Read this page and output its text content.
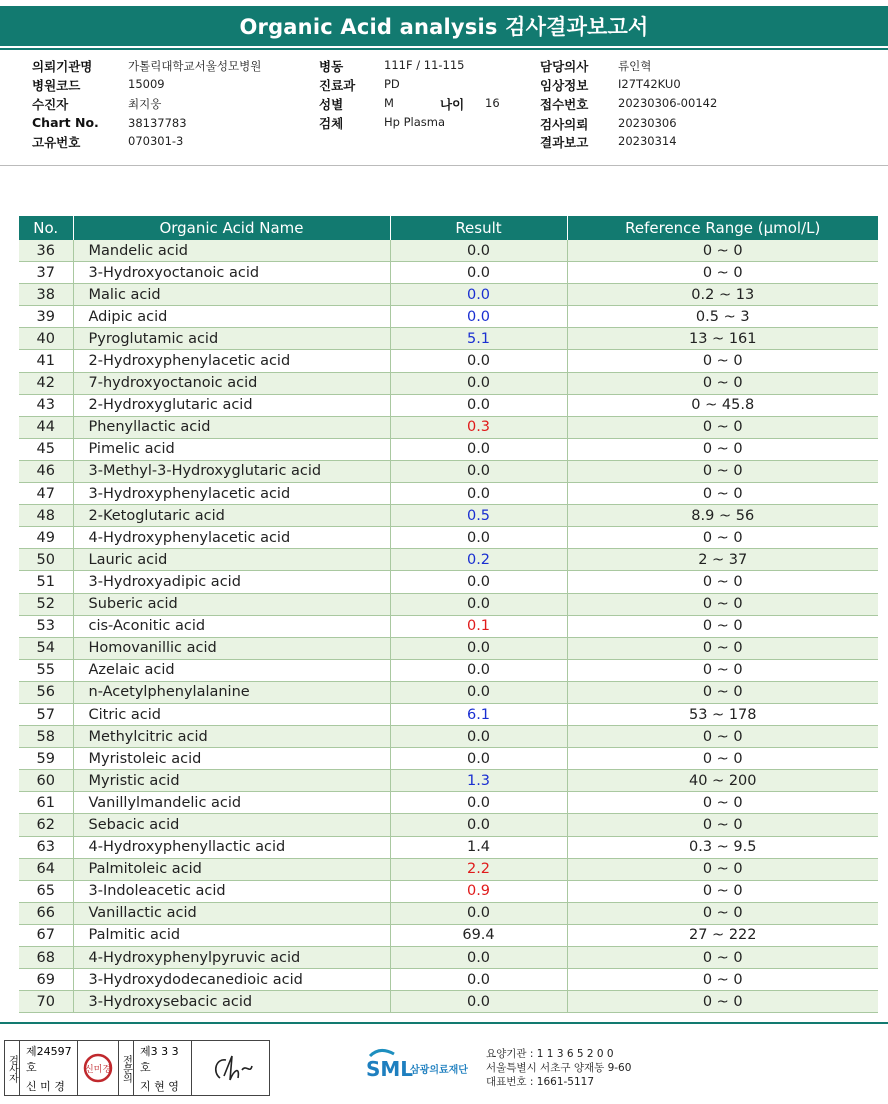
Organic Acid analysis 검사결과보고서
의뢰기관명	가톨릭대학교서울성모병원
병원코드	15009
수진자	최지웅
Chart No.	38137783
고유번호	070301-3
병동	111F / 11-115
진료과	PD
성별	M	나이 16
검체	Hp Plasma
담당의사	류인혁
임상정보	I27T42KU0
접수번호	20230306-00142
검사의뢰	20230306
결과보고	20230314
No.	Organic Acid Name	Result	Reference Range (μmol/L)
36	Mandelic acid	0.0	0 ~ 0
37	3-Hydroxyoctanoic acid	0.0	0 ~ 0
38	Malic acid	0.0	0.2 ~ 13
39	Adipic acid	0.0	0.5 ~ 3
40	Pyroglutamic acid	5.1	13 ~ 161
41	2-Hydroxyphenylacetic acid	0.0	0 ~ 0
42	7-hydroxyoctanoic acid	0.0	0 ~ 0
43	2-Hydroxyglutaric acid	0.0	0 ~ 45.8
44	Phenyllactic acid	0.3	0 ~ 0
45	Pimelic acid	0.0	0 ~ 0
46	3-Methyl-3-Hydroxyglutaric acid	0.0	0 ~ 0
47	3-Hydroxyphenylacetic acid	0.0	0 ~ 0
48	2-Ketoglutaric acid	0.5	8.9 ~ 56
49	4-Hydroxyphenylacetic acid	0.0	0 ~ 0
50	Lauric acid	0.2	2 ~ 37
51	3-Hydroxyadipic acid	0.0	0 ~ 0
52	Suberic acid	0.0	0 ~ 0
53	cis-Aconitic acid	0.1	0 ~ 0
54	Homovanillic acid	0.0	0 ~ 0
55	Azelaic acid	0.0	0 ~ 0
56	n-Acetylphenylalanine	0.0	0 ~ 0
57	Citric acid	6.1	53 ~ 178
58	Methylcitric acid	0.0	0 ~ 0
59	Myristoleic acid	0.0	0 ~ 0
60	Myristic acid	1.3	40 ~ 200
61	Vanillylmandelic acid	0.0	0 ~ 0
62	Sebacic acid	0.0	0 ~ 0
63	4-Hydroxyphenyllactic acid	1.4	0.3 ~ 9.5
64	Palmitoleic acid	2.2	0 ~ 0
65	3-Indoleacetic acid	0.9	0 ~ 0
66	Vanillactic acid	0.0	0 ~ 0
67	Palmitic acid	69.4	27 ~ 222
68	4-Hydroxyphenylpyruvic acid	0.0	0 ~ 0
69	3-Hydroxydodecanedioic acid	0.0	0 ~ 0
70	3-Hydroxysebacic acid	0.0	0 ~ 0
검사자
제24597호
신 미 경
신미경 전문의
제3 3 3 호
지 현 영
SML
삼광의료재단
요양기관 : 1 1 3 6 5 2 0 0
서울특별시 서초구 양재동 9-60
대표번호 : 1661-5117
